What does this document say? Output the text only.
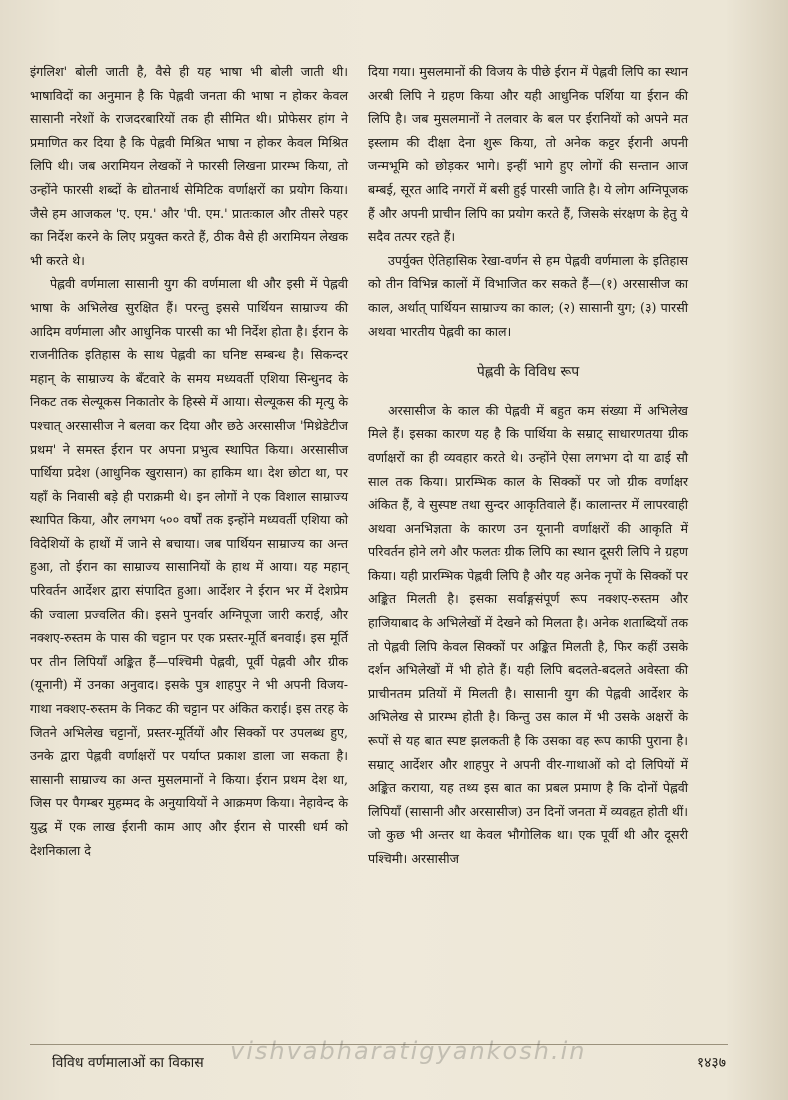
इंगलिश' बोली जाती है, वैसे ही यह भाषा भी बोली जाती थी। भाषाविदों का अनुमान है कि पेह्लवी जनता की भाषा न होकर केवल सासानी नरेशों के राजदरबारियों तक ही सीमित थी। प्रोफेसर हांग ने प्रमाणित कर दिया है कि पेह्लवी मिश्रित भाषा न होकर केवल मिश्रित लिपि थी। जब अरामियन लेखकों ने फारसी लिखना प्रारम्भ किया, तो उन्होंने फारसी शब्दों के द्योतनार्थ सेमिटिक वर्णाक्षरों का प्रयोग किया। जैसे हम आजकल 'ए. एम.' और 'पी. एम.' प्रातःकाल और तीसरे पहर का निर्देश करने के लिए प्रयुक्त करते हैं, ठीक वैसे ही अरामियन लेखक भी करते थे।

पेह्लवी वर्णमाला सासानी युग की वर्णमाला थी और इसी में पेह्लवी भाषा के अभिलेख सुरक्षित हैं। परन्तु इससे पार्थियन साम्राज्य की आदिम वर्णमाला और आधुनिक पारसी का भी निर्देश होता है। ईरान के राजनीतिक इतिहास के साथ पेह्लवी का घनिष्ट सम्बन्ध है। सिकन्दर महान् के साम्राज्य के बँटवारे के समय मध्यवर्ती एशिया सिन्धुनद के निकट तक सेल्यूकस निकातोर के हिस्से में आया। सेल्यूकस की मृत्यु के पश्चात् अरसासीज ने बलवा कर दिया और छठे अरसासीज 'मिथ्रेडेटीज प्रथम' ने समस्त ईरान पर अपना प्रभुत्व स्थापित किया। अरसासीज पार्थिया प्रदेश (आधुनिक खुरासान) का हाकिम था। देश छोटा था, पर यहाँ के निवासी बड़े ही पराक्रमी थे। इन लोगों ने एक विशाल साम्राज्य स्थापित किया, और लगभग ५०० वर्षों तक इन्होंने मध्यवर्ती एशिया को विदेशियों के हाथों में जाने से बचाया। जब पार्थियन साम्राज्य का अन्त हुआ, तो ईरान का साम्राज्य सासानियों के हाथ में आया। यह महान् परिवर्तन आर्देशर द्वारा संपादित हुआ। आर्देशर ने ईरान भर में देशप्रेम की ज्वाला प्रज्वलित की। इसने पुनर्वार अग्निपूजा जारी कराई, और नक्शए-रुस्तम के पास की चट्टान पर एक प्रस्तर-मूर्ति बनवाई। इस मूर्ति पर तीन लिपियाँ अङ्कित हैं—पश्चिमी पेह्लवी, पूर्वी पेह्लवी और ग्रीक (यूनानी) में उनका अनुवाद। इसके पुत्र शाहपुर ने भी अपनी विजय-गाथा नक्शए-रुस्तम के निकट की चट्टान पर अंकित कराई। इस तरह के जितने अभिलेख चट्टानों, प्रस्तर-मूर्तियों और सिक्कों पर उपलब्ध हुए, उनके द्वारा पेह्लवी वर्णाक्षरों पर पर्याप्त प्रकाश डाला जा सकता है। सासानी साम्राज्य का अन्त मुसलमानों ने किया। ईरान प्रथम देश था, जिस पर पैगम्बर मुहम्मद के अनुयायियों ने आक्रमण किया। नेहावेन्द के युद्ध में एक लाख ईरानी काम आए और ईरान से पारसी धर्म को देशनिकाला दे

दिया गया। मुसलमानों की विजय के पीछे ईरान में पेह्लवी लिपि का स्थान अरबी लिपि ने ग्रहण किया और यही आधुनिक पर्शिया या ईरान की लिपि है। जब मुसलमानों ने तलवार के बल पर ईरानियों को अपने मत इस्लाम की दीक्षा देना शुरू किया, तो अनेक कट्टर ईरानी अपनी जन्मभूमि को छोड़कर भागे। इन्हीं भागे हुए लोगों की सन्तान आज बम्बई, सूरत आदि नगरों में बसी हुई पारसी जाति है। ये लोग अग्निपूजक हैं और अपनी प्राचीन लिपि का प्रयोग करते हैं, जिसके संरक्षण के हेतु ये सदैव तत्पर रहते हैं।

उपर्युक्त ऐतिहासिक रेखा-वर्णन से हम पेह्लवी वर्णमाला के इतिहास को तीन विभिन्न कालों में विभाजित कर सकते हैं—(१) अरसासीज का काल, अर्थात् पार्थियन साम्राज्य का काल; (२) सासानी युग; (३) पारसी अथवा भारतीय पेह्लवी का काल।

पेह्लवी के विविध रूप

अरसासीज के काल की पेह्लवी में बहुत कम संख्या में अभिलेख मिले हैं। इसका कारण यह है कि पार्थिया के सम्राट् साधारणतया ग्रीक वर्णाक्षरों का ही व्यवहार करते थे। उन्होंने ऐसा लगभग दो या ढाई सौ साल तक किया। प्रारम्भिक काल के सिक्कों पर जो ग्रीक वर्णाक्षर अंकित हैं, वे सुस्पष्ट तथा सुन्दर आकृतिवाले हैं। कालान्तर में लापरवाही अथवा अनभिज्ञता के कारण उन यूनानी वर्णाक्षरों की आकृति में परिवर्तन होने लगे और फलतः ग्रीक लिपि का स्थान दूसरी लिपि ने ग्रहण किया। यही प्रारम्भिक पेह्लवी लिपि है और यह अनेक नृपों के सिक्कों पर अङ्कित मिलती है। इसका सर्वाङ्गसंपूर्ण रूप नक्शए-रुस्तम और हाजियाबाद के अभिलेखों में देखने को मिलता है। अनेक शताब्दियों तक तो पेह्लवी लिपि केवल सिक्कों पर अङ्कित मिलती है, फिर कहीं उसके दर्शन अभिलेखों में भी होते हैं। यही लिपि बदलते-बदलते अवेस्ता की प्राचीनतम प्रतियों में मिलती है। सासानी युग की पेह्लवी आर्देशर के अभिलेख से प्रारम्भ होती है। किन्तु उस काल में भी उसके अक्षरों के रूपों से यह बात स्पष्ट झलकती है कि उसका वह रूप काफी पुराना है। सम्राट् आर्देशर और शाहपुर ने अपनी वीर-गाथाओं को दो लिपियों में अङ्कित कराया, यह तथ्य इस बात का प्रबल प्रमाण है कि दोनों पेह्लवी लिपियाँ (सासानी और अरसासीज) उन दिनों जनता में व्यवहृत होती थीं। जो कुछ भी अन्तर था केवल भौगोलिक था। एक पूर्वी थी और दूसरी पश्चिमी। अरसासीज

विविध वर्णमालाओं का विकास vishvabharatigyankosh.in	१४३७
